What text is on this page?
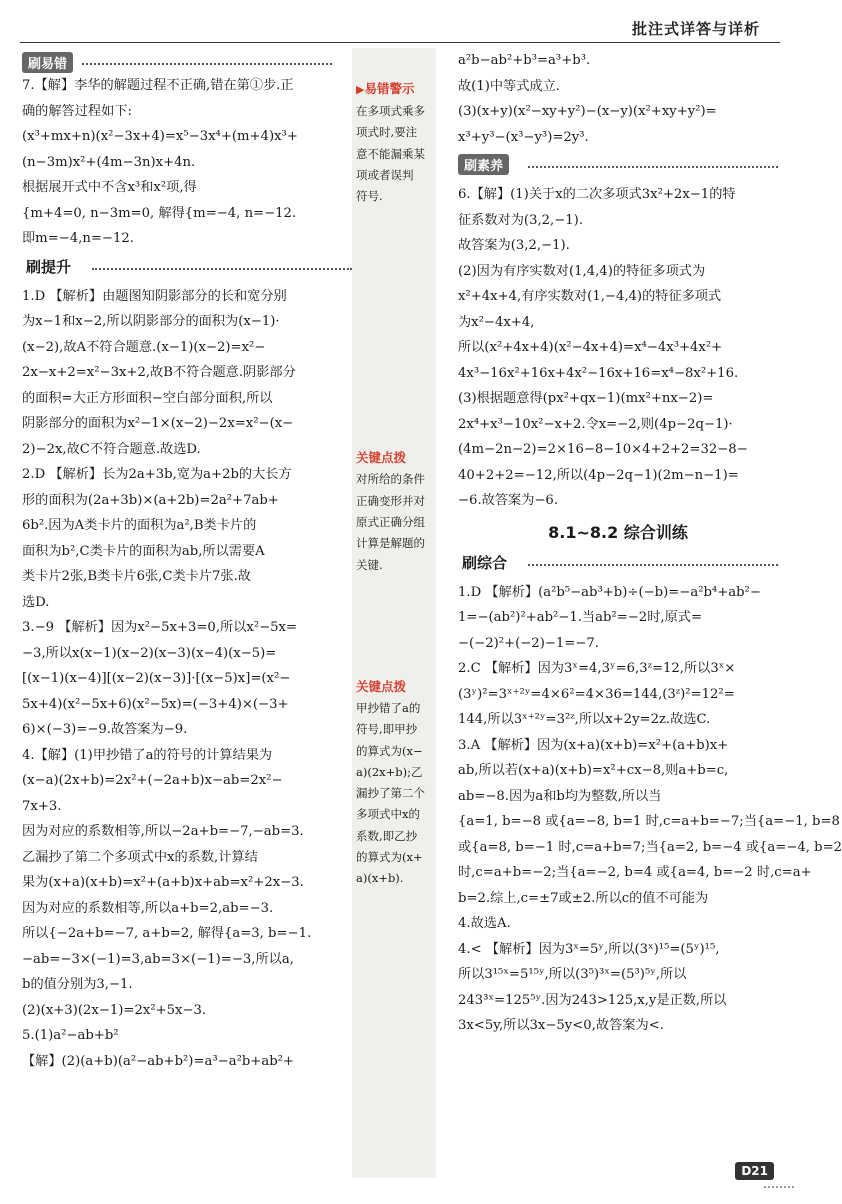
批注式详答与详析
刷易错
7.【解】李华的解题过程不正确,错在第①步.正
确的解答过程如下:
(x³+mx+n)(x²−3x+4)=x⁵−3x⁴+(m+4)x³+
(n−3m)x²+(4m−3n)x+4n.
根据展开式中不含x³和x²项,得
{m+4=0, n−3m=0, 解得{m=−4, n=−12.
即m=−4,n=−12.
刷提升
1.D 【解析】由题图知阴影部分的长和宽分别
为x−1和x−2,所以阴影部分的面积为(x−1)·
(x−2),故A不符合题意.(x−1)(x−2)=x²−
2x−x+2=x²−3x+2,故B不符合题意.阴影部分
的面积=大正方形面积−空白部分面积,所以
阴影部分的面积为x²−1×(x−2)−2x=x²−(x−
2)−2x,故C不符合题意.故选D.
2.D 【解析】长为2a+3b,宽为a+2b的大长方
形的面积为(2a+3b)×(a+2b)=2a²+7ab+
6b².因为A类卡片的面积为a²,B类卡片的
面积为b²,C类卡片的面积为ab,所以需要A
类卡片2张,B类卡片6张,C类卡片7张.故
选D.
3.−9 【解析】因为x²−5x+3=0,所以x²−5x=
−3,所以x(x−1)(x−2)(x−3)(x−4)(x−5)=
[(x−1)(x−4)][(x−2)(x−3)]·[(x−5)x]=(x²−
5x+4)(x²−5x+6)(x²−5x)=(−3+4)×(−3+
6)×(−3)=−9.故答案为−9.
4.【解】(1)甲抄错了a的符号的计算结果为
(x−a)(2x+b)=2x²+(−2a+b)x−ab=2x²−
7x+3.
因为对应的系数相等,所以−2a+b=−7,−ab=3.
乙漏抄了第二个多项式中x的系数,计算结
果为(x+a)(x+b)=x²+(a+b)x+ab=x²+2x−3.
因为对应的系数相等,所以a+b=2,ab=−3.
所以{−2a+b=−7, a+b=2, 解得{a=3, b=−1.
−ab=−3×(−1)=3,ab=3×(−1)=−3,所以a,
b的值分别为3,−1.
(2)(x+3)(2x−1)=2x²+5x−3.
5.(1)a²−ab+b²
【解】(2)(a+b)(a²−ab+b²)=a³−a²b+ab²+
▶易错警示
在多项式乘多
项式时,要注
意不能漏乘某
项或者误判
符号.
关键点拨
对所给的条件
正确变形并对
原式正确分组
计算是解题的
关键.
关键点拨
甲抄错了a的
符号,即甲抄
的算式为(x−
a)(2x+b);乙
漏抄了第二个
多项式中x的
系数,即乙抄
的算式为(x+
a)(x+b).
a²b−ab²+b³=a³+b³.
故(1)中等式成立.
(3)(x+y)(x²−xy+y²)−(x−y)(x²+xy+y²)=
x³+y³−(x³−y³)=2y³.
刷素养
6.【解】(1)关于x的二次多项式3x²+2x−1的特
征系数对为(3,2,−1).
故答案为(3,2,−1).
(2)因为有序实数对(1,4,4)的特征多项式为
x²+4x+4,有序实数对(1,−4,4)的特征多项式
为x²−4x+4,
所以(x²+4x+4)(x²−4x+4)=x⁴−4x³+4x²+
4x³−16x²+16x+4x²−16x+16=x⁴−8x²+16.
(3)根据题意得(px²+qx−1)(mx²+nx−2)=
2x⁴+x³−10x²−x+2.令x=−2,则(4p−2q−1)·
(4m−2n−2)=2×16−8−10×4+2+2=32−8−
40+2+2=−12,所以(4p−2q−1)(2m−n−1)=
−6.故答案为−6.
8.1~8.2 综合训练
刷综合
1.D 【解析】(a²b⁵−ab³+b)÷(−b)=−a²b⁴+ab²−
1=−(ab²)²+ab²−1.当ab²=−2时,原式=
−(−2)²+(−2)−1=−7.
2.C 【解析】因为3ˣ=4,3ʸ=6,3ᶻ=12,所以3ˣ×
(3ʸ)²=3ˣ⁺²ʸ=4×6²=4×36=144,(3ᶻ)²=12²=
144,所以3ˣ⁺²ʸ=3²ᶻ,所以x+2y=2z.故选C.
3.A 【解析】因为(x+a)(x+b)=x²+(a+b)x+
ab,所以若(x+a)(x+b)=x²+cx−8,则a+b=c,
ab=−8.因为a和b均为整数,所以当
{a=1, b=−8 或{a=−8, b=1 时,c=a+b=−7;当{a=−1, b=8
或{a=8, b=−1 时,c=a+b=7;当{a=2, b=−4 或{a=−4, b=2
时,c=a+b=−2;当{a=−2, b=4 或{a=4, b=−2 时,c=a+
b=2.综上,c=±7或±2.所以c的值不可能为
4.故选A.
4.< 【解析】因为3ˣ=5ʸ,所以(3ˣ)¹⁵=(5ʸ)¹⁵,
所以3¹⁵ˣ=5¹⁵ʸ,所以(3⁵)³ˣ=(5³)⁵ʸ,所以
243³ˣ=125⁵ʸ.因为243>125,x,y是正数,所以
3x<5y,所以3x−5y<0,故答案为<.
D21
